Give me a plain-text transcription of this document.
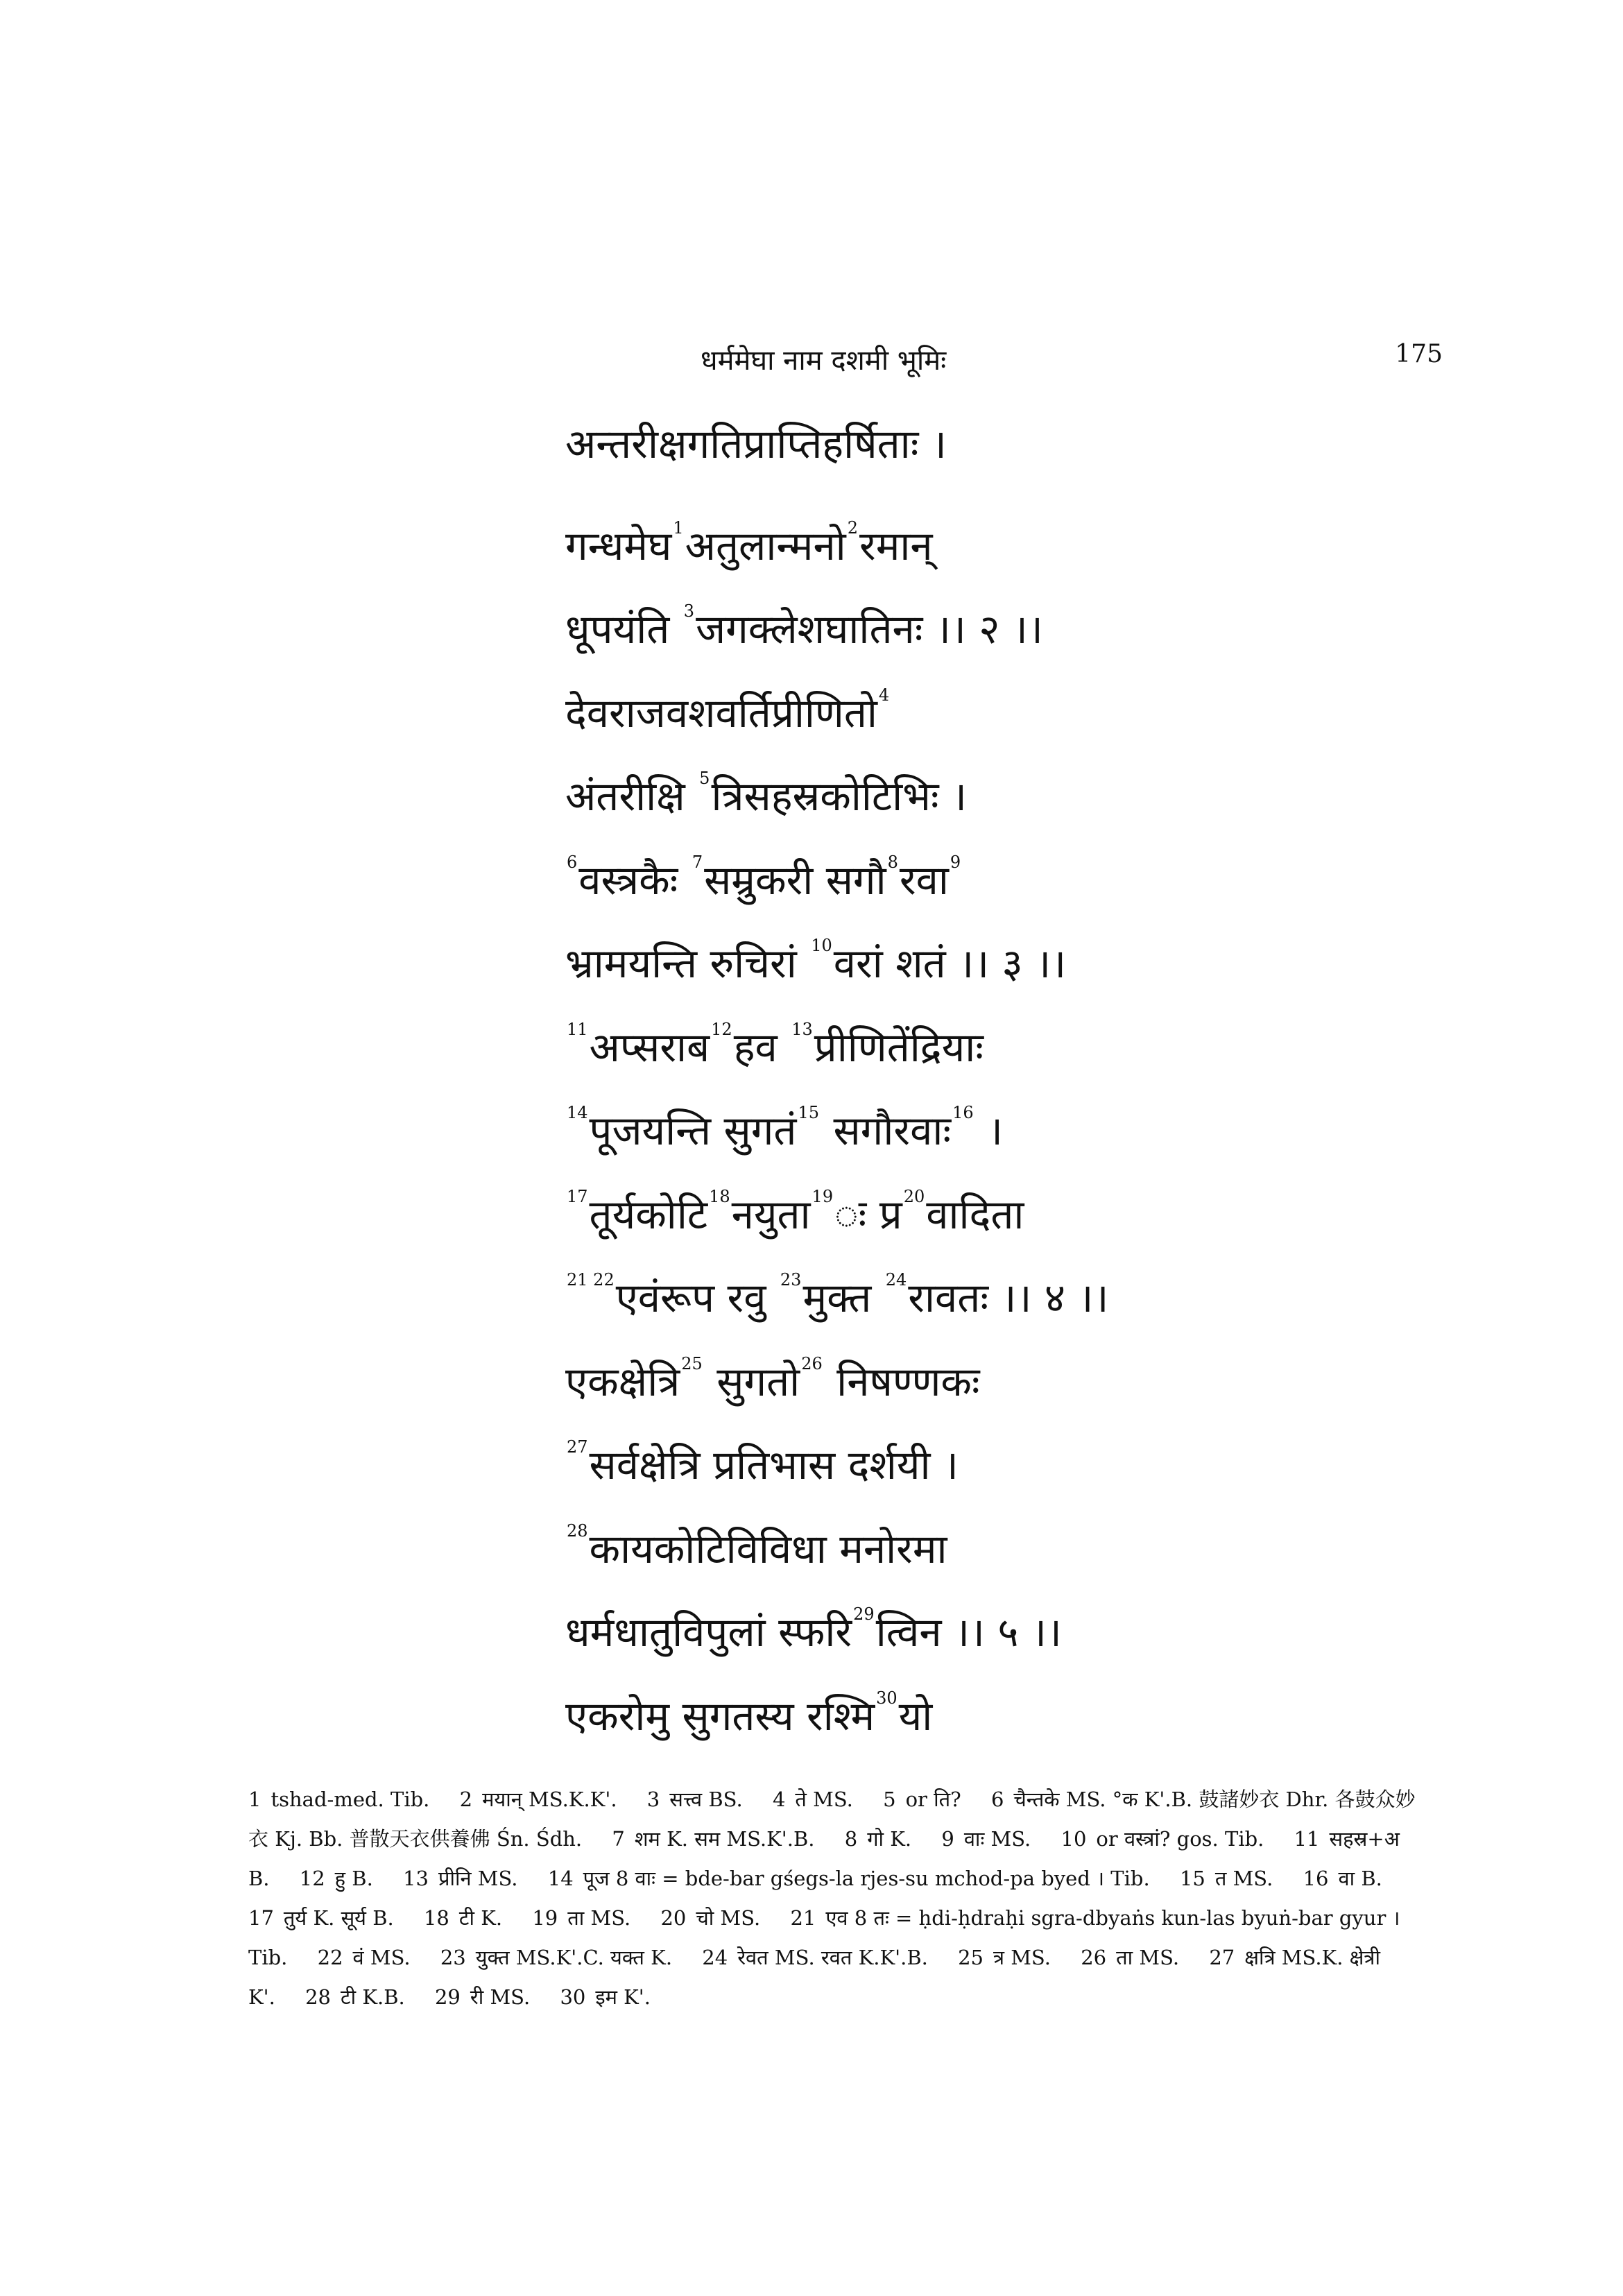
धर्ममेघा नाम दशमी भूमिः	175
अन्तरीक्षगतिप्राप्तिहर्षिताः ।
गन्धमेघ$^1$अतुलान्मनो$^2$रमान्
धूपयंति $^3$जगक्लेशघातिनः ।। २ ।।
देवराजवशवर्तिप्रीणितो$^4$
अंतरीक्षि $^5$त्रिसहस्रकोटिभिः ।
$^6$वस्त्रकैः $^7$सम्रुकरी सगौ$^8$रवा$^9$
भ्रामयन्ति रुचिरां $^{10}$वरां शतं ।। ३ ।।
$^{11}$अप्सराब$^{12}$हव $^{13}$प्रीणितेंद्रियाः
$^{14}$पूजयन्ति सुगतं$^{15}$ सगौरवाः$^{16}$ ।
$^{17}$तूर्यकोटि$^{18}$नयुता$^{19}$ः प्र$^{20}$वादिता
$^{21 22}$एवंरूप रवु $^{23}$मुक्त $^{24}$रावतः ।। ४ ।।
एकक्षेत्रि$^{25}$ सुगतो$^{26}$ निषण्णकः
$^{27}$सर्वक्षेत्रि प्रतिभास दर्शयी ।
$^{28}$कायकोटिविविधा मनोरमा
धर्मधातुविपुलां स्फरि$^{29}$त्विन ।। ५ ।।
एकरोमु सुगतस्य रश्मि$^{30}$यो
1 tshad-med. Tib. 2 मयान् MS.K.K'. 3 सत्त्व BS. 4 ते MS. 5 or ति? 6 चैन्तके MS. °क K'.B. 鼓諸妙衣 Dhr. 各鼓众妙衣 Kj. Bb. 普散天衣供養佛 Śn. Śdh. 7 शम K. सम MS.K'.B. 8 गो K. 9 वाः MS. 10 or वस्त्रां? gos. Tib. 11 सहस्र+अ B. 12 हु B. 13 प्रीनि MS. 14 पूज 8 वाः = bde-bar gśegs-la rjes-su mchod-pa byed । Tib. 15 त MS. 16 वा B. 17 तुर्य K. सूर्य B. 18 टी K. 19 ता MS. 20 चो MS. 21 एव 8 तः = ḥdi-ḥdraḥi sgra-dbyaṅs kun-las byuṅ-bar gyur । Tib. 22 वं MS. 23 युक्त MS.K'.C. यक्त K. 24 रेवत MS. रवत K.K'.B. 25 त्र MS. 26 ता MS. 27 क्षत्रि MS.K. क्षेत्री K'. 28 टी K.B. 29 री MS. 30 इम K'.
